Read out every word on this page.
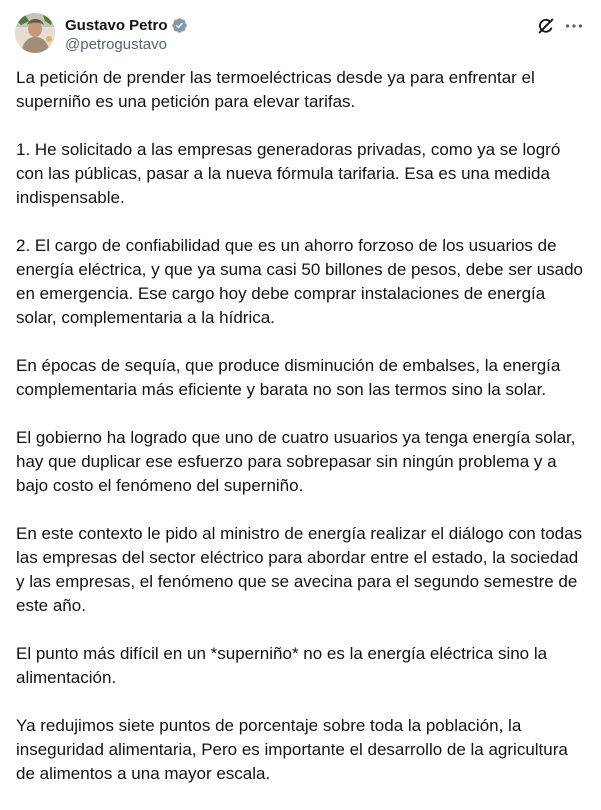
Gustavo Petro
@petrogustavo

La petición de prender las termoeléctricas desde ya para enfrentar el superniño es una petición para elevar tarifas.

1. He solicitado a las empresas generadoras privadas, como ya se logró con las públicas, pasar a la nueva fórmula tarifaria. Esa es una medida indispensable.

2. El cargo de confiabilidad que es un ahorro forzoso de los usuarios de energía eléctrica, y que ya suma casi 50 billones de pesos, debe ser usado en emergencia. Ese cargo hoy debe comprar instalaciones de energía solar, complementaria a la hídrica.

En épocas de sequía, que produce disminución de embalses, la energía complementaria más eficiente y barata no son las termos sino la solar.

El gobierno ha logrado que uno de cuatro usuarios ya tenga energía solar, hay que duplicar ese esfuerzo para sobrepasar sin ningún problema y a bajo costo el fenómeno del superniño.

En este contexto le pido al ministro de energía realizar el diálogo con todas las empresas del sector eléctrico para abordar entre el estado, la sociedad y las empresas, el fenómeno que se avecina para el segundo semestre de este año.

El punto más difícil en un *superniño* no es la energía eléctrica sino la alimentación.

Ya redujimos siete puntos de porcentaje sobre toda la población, la inseguridad alimentaria, Pero es importante el desarrollo de la agricultura de alimentos a una mayor escala.
